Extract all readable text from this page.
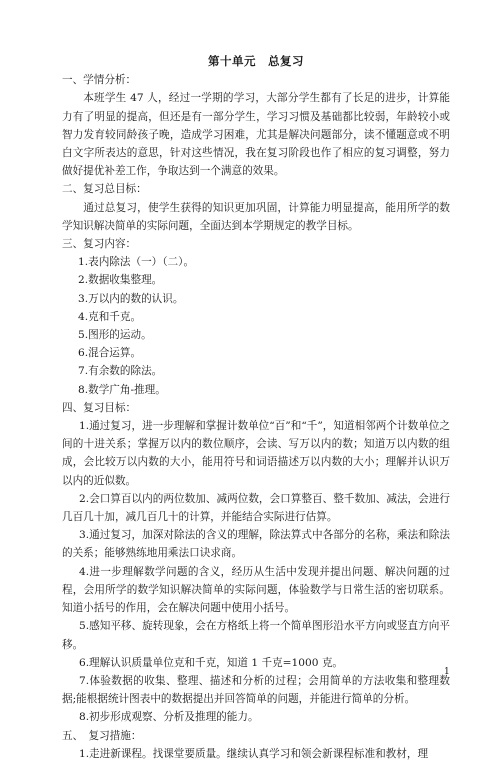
第十单元　总复习

一、学情分析：

本班学生 47 人，经过一学期的学习，大部分学生都有了长足的进步，计算能力有了明显的提高，但还是有一部分学生，学习习惯及基础都比较弱，年龄较小或智力发育较同龄孩子晚，造成学习困难，尤其是解决问题部分，读不懂题意或不明白文字所表达的意思，针对这些情况，我在复习阶段也作了相应的复习调整，努力做好提优补差工作，争取达到一个满意的效果。

二、复习总目标：

通过总复习，使学生获得的知识更加巩固，计算能力明显提高，能用所学的数学知识解决简单的实际问题，全面达到本学期规定的教学目标。

三、复习内容：

1.表内除法（一）（二）。

2.数据收集整理。

3.万以内的数的认识。

4.克和千克。

5.图形的运动。

6.混合运算。

7.有余数的除法。

8.数学广角-推理。

四、复习目标：

1.通过复习，进一步理解和掌握计数单位“百”和“千”，知道相邻两个计数单位之间的十进关系；掌握万以内的数位顺序，会读、写万以内的数；知道万以内数的组成，会比较万以内数的大小，能用符号和词语描述万以内数的大小；理解并认识万以内的近似数。

2.会口算百以内的两位数加、减两位数，会口算整百、整千数加、减法，会进行几百几十加，减几百几十的计算，并能结合实际进行估算。

3.通过复习，加深对除法的含义的理解，除法算式中各部分的名称，乘法和除法的关系；能够熟练地用乘法口诀求商。

4.进一步理解数学问题的含义，经历从生活中发现并提出问题、解决问题的过程，会用所学的数学知识解决简单的实际问题，体验数学与日常生活的密切联系。知道小括号的作用，会在解决问题中使用小括号。

5.感知平移、旋转现象，会在方格纸上将一个简单图形沿水平方向或竖直方向平移。

6.理解认识质量单位克和千克，知道 1 千克=1000 克。

7.体验数据的收集、整理、描述和分析的过程；会用简单的方法收集和整理数据;能根据统计图表中的数据提出并回答简单的问题，并能进行简单的分析。

8.初步形成观察、分析及推理的能力。

五、　复习措施：

1.走进新课程。找课堂要质量。继续认真学习和领会新课程标准和教材，理

1
